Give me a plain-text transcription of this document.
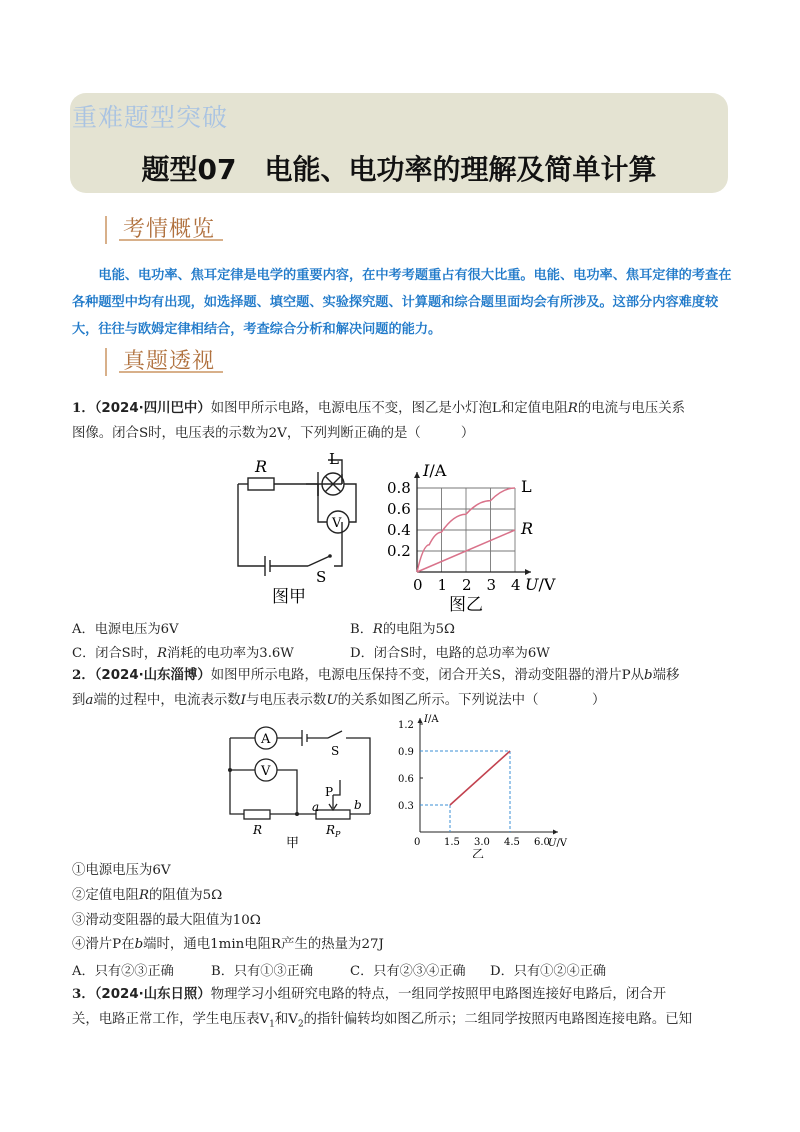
重难题型突破
题型07　电能、电功率的理解及简单计算
考情概览
电能、电功率、焦耳定律是电学的重要内容，在中考考题重占有很大比重。电能、电功率、焦耳定律的考查在各种题型中均有出现，如选择题、填空题、实验探究题、计算题和综合题里面均会有所涉及。这部分内容难度较大，往往与欧姆定律相结合，考查综合分析和解决问题的能力。
真题透视
1．（2024·四川巴中）如图甲所示电路，电源电压不变，图乙是小灯泡L和定值电阻R的电流与电压关系
图像。闭合S时，电压表的示数为2V，下列判断正确的是（　　　）
R	L
V
S
图甲
0 1 2 3 4
0.2
0.4
0.6
0.8
I/A
U/V
L
R
图乙
A．电源电压为6V	B．R的电阻为5Ω
C．闭合S时，R消耗的电功率为3.6W	D．闭合S时，电路的总功率为6W
2．（2024·山东淄博）如图甲所示电路，电源电压保持不变，闭合开关S，滑动变阻器的滑片P从b端移
到a端的过程中，电流表示数I与电压表示数U的关系如图乙所示。下列说法中（　　　　）
A
V
S
P
a	b
R	$R_P$
甲	0 1.5 3.0 4.5 6.0
0.3
0.6
0.9
1.2
I/A
U/V
乙
①电源电压为6V
②定值电阻R的阻值为5Ω
③滑动变阻器的最大阻值为10Ω
④滑片P在b端时，通电1min电阻R产生的热量为27J
A．只有②③正确	B．只有①③正确	C．只有②③④正确 D．只有①②④正确
3．（2024·山东日照）物理学习小组研究电路的特点，一组同学按照甲电路图连接好电路后，闭合开
关，电路正常工作，学生电压表$V_1$和$V_2$的指针偏转均如图乙所示；二组同学按照丙电路图连接电路。已知
